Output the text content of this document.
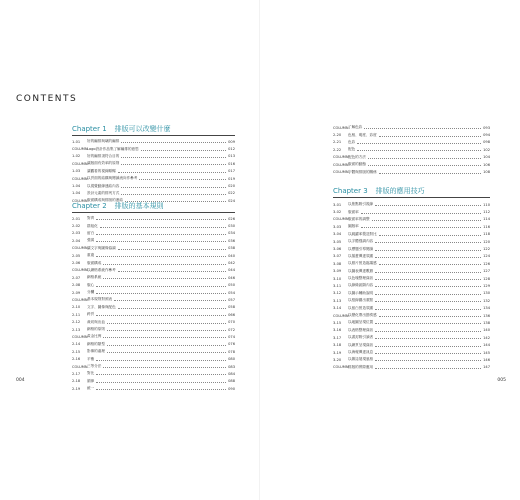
CONTENTS
Chapter 1 排版可以改變什麼
1-01	好的編排與壞的編排	009
COLUMN Logo設計作品集了解編排的意思	012
1-02	好的編排須符合目的	013
COLUMN 讓版面有效率的原則	016
1-03	讓觀看的視線順暢	017
COLUMN 以頁面的結構與閱讀流向作參考	019
1-04	以視覺動線連結內容	020
1-04	設計元素的排列方式	022
COLUMN 版面構成與排版的連結	024
Chapter 2 排版的基本規則
2-01	對齊	026
2-02	群組化	030
2-03	留白	034
2-04	強弱	036
COLUMN 讓文字與圖像協調	038
2-05	重複	040
2-06	版面構成	042
COLUMN 以網格系統作參考	044
2-07	網格系統	046
2-08	版心	050
2-09	分欄	054
COLUMN 基本規則對照表	057
2-10	文字、圖像與配色	058
2-11	跨頁	066
2-12	裁切與出血	070
2-13	網格的原則	072
COLUMN 黃金比例	074
2-14	網格的類型	076
2-15	影像的處理	078
2-16	平衡	080
COLUMN 三等分法	083
2-17	對比	084
2-18	韻律	088
2-19	統一	090
004
COLUMN 了解色彩	093
2-20	色相、明度、彩度	094
2-21	色彩	098
2-22	配色	102
COLUMN 配色的方法	104
COLUMN 版面的動態	106
COLUMN 字體與排版的關係	108
Chapter 3 排版的應用技巧
3-01	以焦點吸引視線	110
3-02	版面率	112
COLUMN 版面率的調整	114
3-03	圖版率	116
3-04	以跳躍率製造對比	118
3-05	以字體強調內容	120
3-06	以標題引導閱讀	122
3-07	以插畫傳達氛圍	124
3-08	以照片營造臨場感	126
3-09	以圖表傳達數據	127
3-10	以色塊整理資訊	128
3-11	以線條區隔內容	129
3-12	以圖示輔助說明	130
3-13	以框線圍出重點	132
3-14	以留白營造氛圍	134
COLUMN 以變化帶出節奏感	136
3-15	以地圖呈現位置	138
3-16	以表格整理資訊	140
3-17	以書封吸引讀者	142
3-18	以網頁呈現資訊	144
3-19	以海報傳達訊息	145
3-20	以雜誌展現風格	146
COLUMN 排版的實際應用	147
005
